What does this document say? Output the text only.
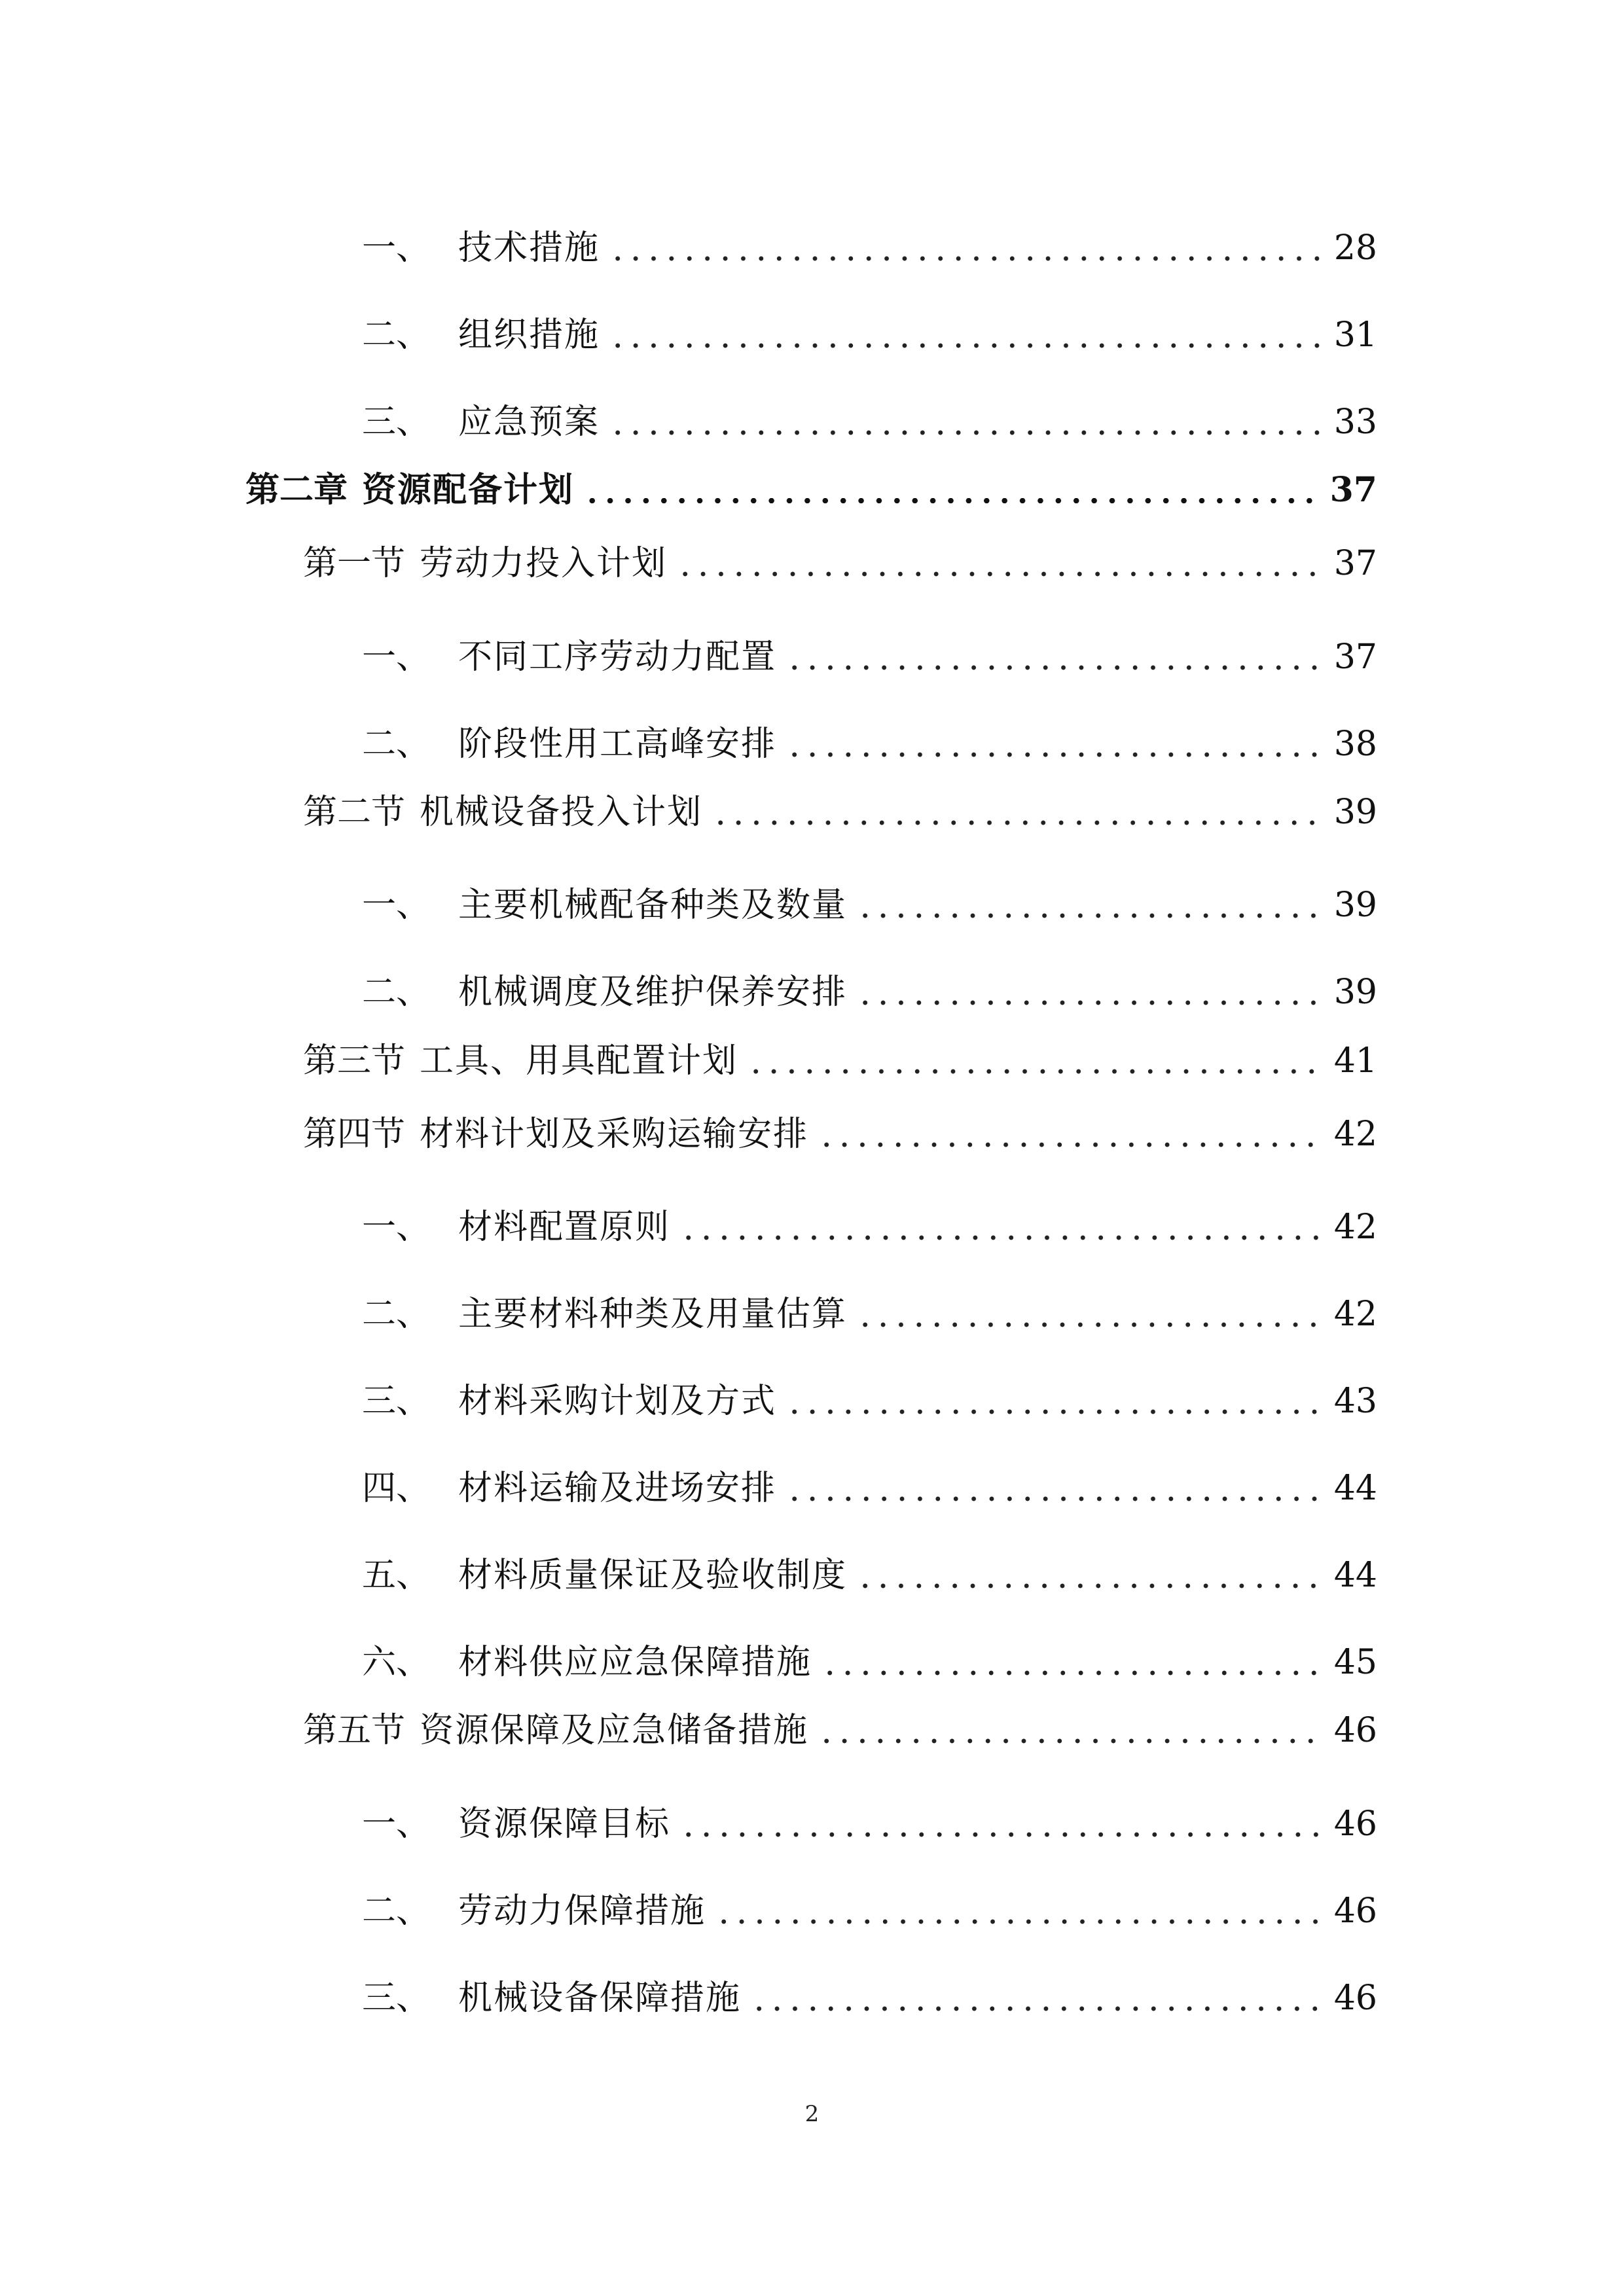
一、 技术措施	28
二、 组织措施	31
三、 应急预案	33
第二章 资源配备计划	37
第一节 劳动力投入计划	37
一、 不同工序劳动力配置	37
二、 阶段性用工高峰安排	38
第二节 机械设备投入计划	39
一、 主要机械配备种类及数量	39
二、 机械调度及维护保养安排	39
第三节 工具、用具配置计划	41
第四节 材料计划及采购运输安排	42
一、 材料配置原则	42
二、 主要材料种类及用量估算	42
三、 材料采购计划及方式	43
四、 材料运输及进场安排	44
五、 材料质量保证及验收制度	44
六、 材料供应应急保障措施	45
第五节 资源保障及应急储备措施	46
一、 资源保障目标	46
二、 劳动力保障措施	46
三、 机械设备保障措施	46
2
